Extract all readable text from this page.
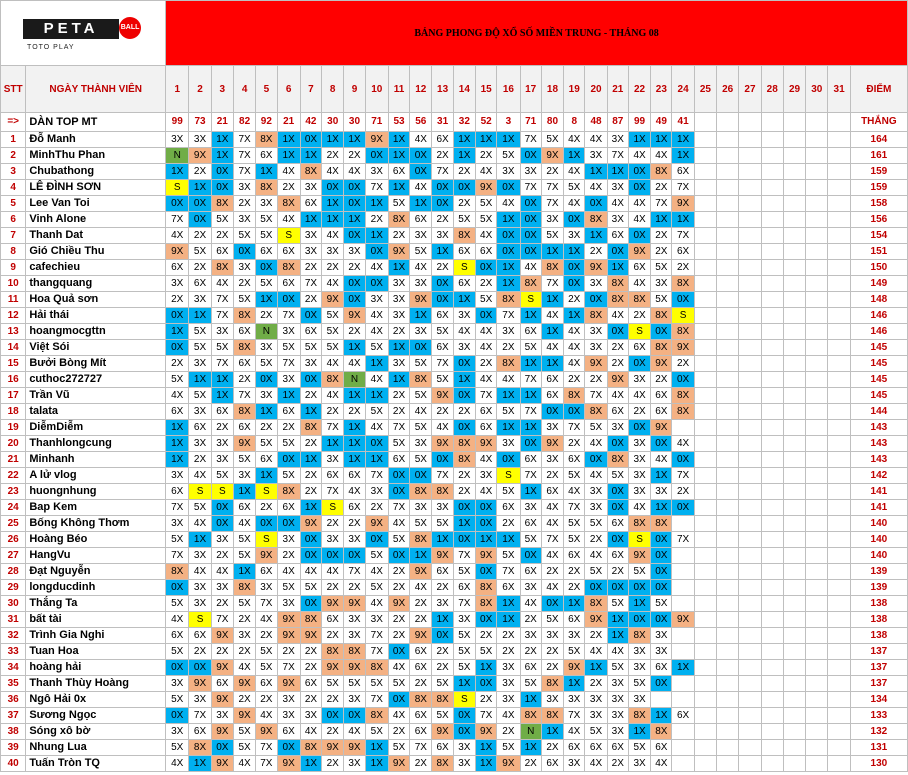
PETA BALL
TOTO PLAY		BẢNG PHONG ĐỘ XỔ SỐ MIỀN TRUNG - THÁNG 08																															
STT	NGÀY THÀNH VIÊN	1	2	3	4	5	6	7	8	9	10	11	12	13	14	15	16	17	18	19	20	21	22	23	24	25	26	27	28	29	30	31	ĐIỂM
=>	DÀN TOP MT	99	73	21	82	92	21	42	30	30	71	53	56	31	32	52	3	71	80	8	48	87	99	49	41								THẮNG
1	Đỗ Manh	3X	3X	1X	7X	8X	1X	0X	1X	1X	9X	1X	4X	6X	1X	1X	1X	7X	5X	4X	4X	3X	1X	1X	1X								164
2	MinhThu Phan	N	9X	1X	7X	6X	1X	1X	2X	2X	0X	1X	0X	2X	1X	2X	5X	0X	9X	1X	3X	7X	4X	4X	1X								161
3	Chubathong	1X	2X	0X	7X	1X	4X	8X	4X	4X	3X	6X	0X	7X	2X	4X	3X	3X	2X	4X	1X	1X	0X	8X	6X								159
4	LÊ ĐÌNH SƠN	S	1X	0X	3X	8X	2X	3X	0X	0X	7X	1X	4X	0X	0X	9X	0X	7X	7X	5X	4X	3X	0X	2X	7X								159
5	Lee Van Toi	0X	0X	8X	2X	3X	8X	6X	1X	0X	1X	5X	1X	0X	2X	5X	4X	0X	7X	4X	0X	4X	4X	7X	9X								158
6	Vinh Alone	7X	0X	5X	3X	5X	4X	1X	1X	1X	2X	8X	6X	2X	5X	5X	1X	0X	3X	0X	8X	3X	4X	1X	1X								156
7	Thanh Dat	4X	2X	2X	5X	5X	S	3X	4X	0X	1X	2X	3X	3X	8X	4X	0X	0X	5X	3X	1X	6X	0X	2X	7X								154
8	Gió Chiều Thu	9X	5X	6X	0X	6X	6X	3X	3X	3X	0X	9X	5X	1X	6X	6X	0X	0X	1X	1X	2X	0X	9X	2X	6X								151
9	cafechieu	6X	2X	8X	3X	0X	8X	2X	2X	2X	4X	1X	4X	2X	S	0X	1X	4X	8X	0X	9X	1X	6X	5X	2X								150
10	thangquang	3X	6X	4X	2X	5X	6X	7X	4X	0X	0X	3X	3X	0X	6X	2X	1X	8X	7X	0X	3X	8X	4X	3X	8X								149
11	Hoa Quả sơn	2X	3X	7X	5X	1X	0X	2X	9X	0X	3X	3X	9X	0X	1X	5X	8X	S	1X	2X	0X	8X	8X	5X	0X								148
12	Hải thái	0X	1X	7X	8X	2X	7X	0X	5X	9X	4X	3X	1X	6X	3X	0X	7X	1X	4X	1X	8X	4X	2X	8X	S								146
13	hoangmocgttn	1X	5X	3X	6X	N	3X	6X	5X	2X	4X	2X	3X	5X	4X	4X	3X	6X	1X	4X	3X	0X	S	0X	8X								146
14	Việt Sói	0X	5X	5X	8X	3X	5X	5X	5X	1X	5X	1X	0X	6X	3X	4X	2X	5X	4X	4X	3X	2X	6X	8X	9X								145
15	Bưởi Bòng Mít	2X	3X	7X	6X	5X	7X	3X	4X	4X	1X	3X	5X	7X	0X	2X	8X	1X	1X	4X	9X	2X	0X	9X	2X								145
16	cuthoc272727	5X	1X	1X	2X	0X	3X	0X	8X	N	4X	1X	8X	5X	1X	4X	4X	7X	6X	2X	2X	9X	3X	2X	0X								145
17	Trần Vũ	4X	5X	1X	7X	3X	1X	2X	4X	1X	1X	2X	5X	9X	0X	7X	1X	1X	6X	8X	7X	4X	4X	6X	8X								145
18	talata	6X	3X	6X	8X	1X	6X	1X	2X	2X	5X	2X	4X	2X	2X	6X	5X	7X	0X	0X	8X	6X	2X	6X	8X								144
19	DiễmDiễm	1X	6X	2X	6X	2X	2X	8X	7X	1X	4X	7X	5X	4X	0X	6X	1X	1X	3X	7X	5X	3X	0X	9X									143
20	Thanhlongcung	1X	3X	3X	9X	5X	5X	2X	1X	1X	0X	5X	3X	9X	8X	9X	3X	0X	9X	2X	4X	0X	3X	0X	4X								143
21	Minhanh	1X	2X	3X	5X	6X	0X	1X	3X	1X	1X	6X	5X	0X	8X	4X	0X	6X	3X	6X	0X	8X	3X	4X	0X								143
22	A lử vlog	3X	4X	5X	3X	1X	5X	2X	6X	6X	7X	0X	0X	7X	2X	3X	S	7X	2X	5X	4X	5X	3X	1X	7X								142
23	huongnhung	6X	S	S	1X	S	8X	2X	7X	4X	3X	0X	8X	8X	2X	4X	5X	1X	6X	4X	3X	0X	3X	3X	2X								141
24	Bap Kem	7X	5X	0X	6X	2X	6X	1X	S	6X	2X	7X	3X	3X	0X	0X	6X	3X	4X	7X	3X	0X	4X	1X	0X								141
25	Bống Không Thơm	3X	4X	0X	4X	0X	0X	9X	2X	2X	9X	4X	5X	5X	1X	0X	2X	6X	4X	5X	5X	6X	8X	8X									140
26	Hoàng Béo	5X	1X	3X	5X	S	3X	0X	3X	3X	0X	5X	8X	1X	0X	1X	1X	5X	7X	5X	2X	0X	S	0X	7X								140
27	HangVu	7X	3X	2X	5X	9X	2X	0X	0X	0X	5X	0X	1X	9X	7X	9X	5X	0X	4X	6X	4X	6X	9X	0X									140
28	Đạt Nguyễn	8X	4X	4X	1X	6X	4X	4X	4X	7X	4X	2X	9X	6X	5X	0X	7X	6X	2X	2X	5X	2X	5X	0X									139
29	longducdinh	0X	3X	3X	8X	3X	5X	5X	2X	2X	5X	2X	4X	2X	6X	8X	6X	3X	4X	2X	0X	0X	0X	0X									139
30	Thắng Ta	5X	3X	2X	5X	7X	3X	0X	9X	9X	4X	9X	2X	3X	7X	8X	1X	4X	0X	1X	8X	5X	1X	5X									138
31	bất tài	4X	S	7X	2X	4X	9X	8X	6X	3X	3X	2X	2X	1X	3X	0X	1X	2X	5X	6X	9X	1X	0X	0X	9X								138
32	Trình Gia Nghi	6X	6X	9X	3X	2X	9X	9X	2X	3X	7X	2X	9X	0X	5X	2X	2X	3X	3X	3X	2X	1X	8X	3X									138
33	Tuan Hoa	5X	2X	2X	2X	5X	2X	2X	8X	8X	7X	0X	6X	2X	5X	5X	2X	2X	2X	5X	4X	4X	3X	3X									137
34	hoàng hải	0X	0X	9X	4X	5X	7X	2X	9X	9X	8X	4X	6X	2X	5X	1X	3X	6X	2X	9X	1X	5X	3X	6X	1X								137
35	Thanh Thùy Hoàng	3X	9X	6X	9X	6X	9X	6X	5X	5X	5X	5X	2X	5X	1X	0X	3X	5X	8X	1X	2X	3X	5X	0X									137
36	Ngô Hải 0x	5X	3X	9X	2X	2X	3X	2X	2X	3X	7X	0X	8X	8X	S	2X	3X	1X	3X	3X	3X	3X	3X										134
37	Sương Ngọc	0X	7X	3X	9X	4X	3X	3X	0X	0X	8X	4X	6X	5X	0X	7X	4X	8X	8X	7X	3X	3X	8X	1X	6X								133
38	Sóng xô bờ	3X	6X	9X	5X	9X	6X	4X	2X	4X	5X	2X	6X	9X	0X	9X	2X	N	1X	4X	5X	3X	1X	8X									132
39	Nhung Lua	5X	8X	0X	5X	7X	0X	8X	9X	9X	1X	5X	7X	6X	3X	1X	5X	1X	2X	6X	6X	6X	5X	6X									131
40	Tuấn Tròn TQ	4X	1X	9X	4X	7X	9X	1X	2X	3X	1X	9X	2X	8X	3X	1X	9X	2X	6X	3X	4X	2X	3X	4X									130
